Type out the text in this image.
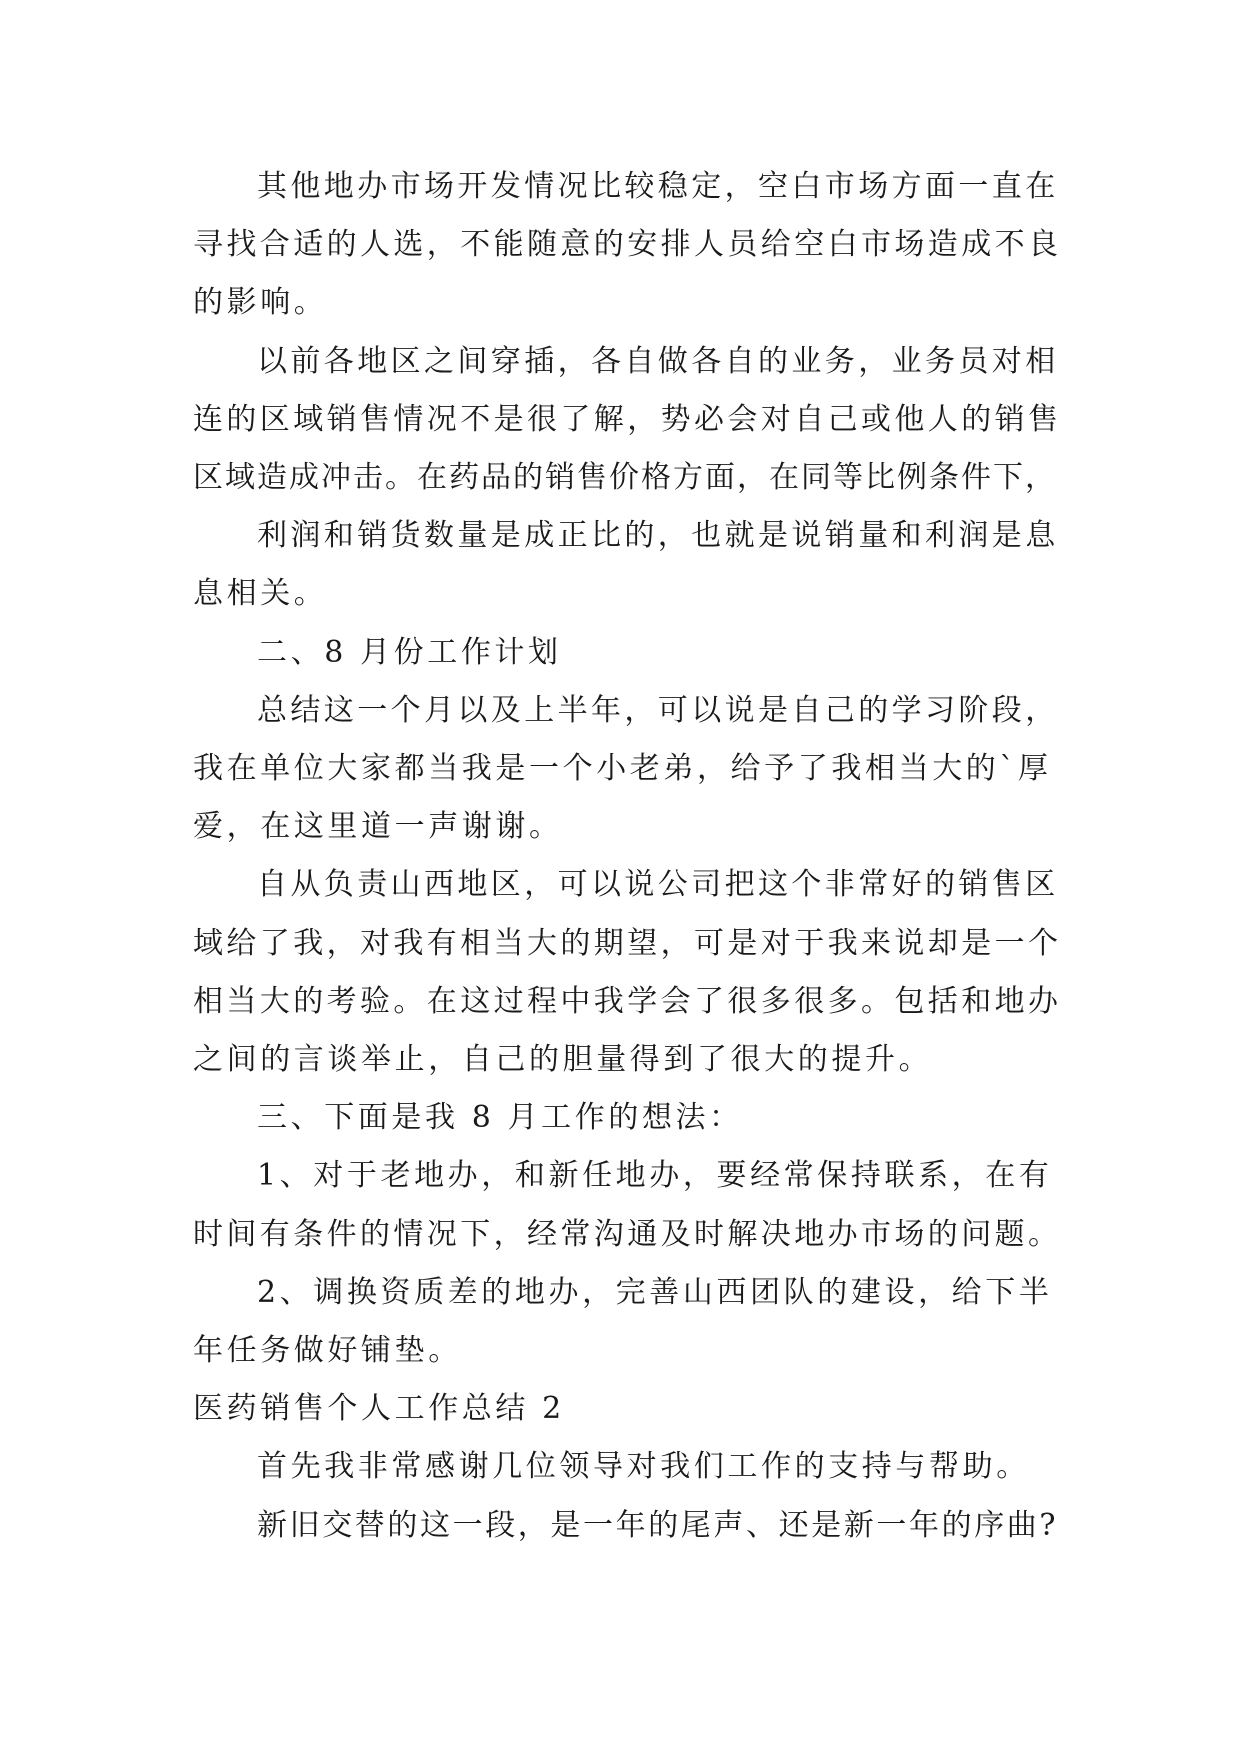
其他地办市场开发情况比较稳定，空白市场方面一直在
寻找合适的人选，不能随意的安排人员给空白市场造成不良
的影响。
以前各地区之间穿插，各自做各自的业务，业务员对相
连的区域销售情况不是很了解，势必会对自己或他人的销售
区域造成冲击。在药品的销售价格方面，在同等比例条件下，
利润和销货数量是成正比的，也就是说销量和利润是息
息相关。
二、8 月份工作计划
总结这一个月以及上半年，可以说是自己的学习阶段，
我在单位大家都当我是一个小老弟，给予了我相当大的`厚
爱，在这里道一声谢谢。
自从负责山西地区，可以说公司把这个非常好的销售区
域给了我，对我有相当大的期望，可是对于我来说却是一个
相当大的考验。在这过程中我学会了很多很多。包括和地办
之间的言谈举止，自己的胆量得到了很大的提升。
三、下面是我 8 月工作的想法：
1、对于老地办，和新任地办，要经常保持联系，在有
时间有条件的情况下，经常沟通及时解决地办市场的问题。
2、调换资质差的地办，完善山西团队的建设，给下半
年任务做好铺垫。
医药销售个人工作总结 2
首先我非常感谢几位领导对我们工作的支持与帮助。
新旧交替的这一段，是一年的尾声、还是新一年的序曲?
